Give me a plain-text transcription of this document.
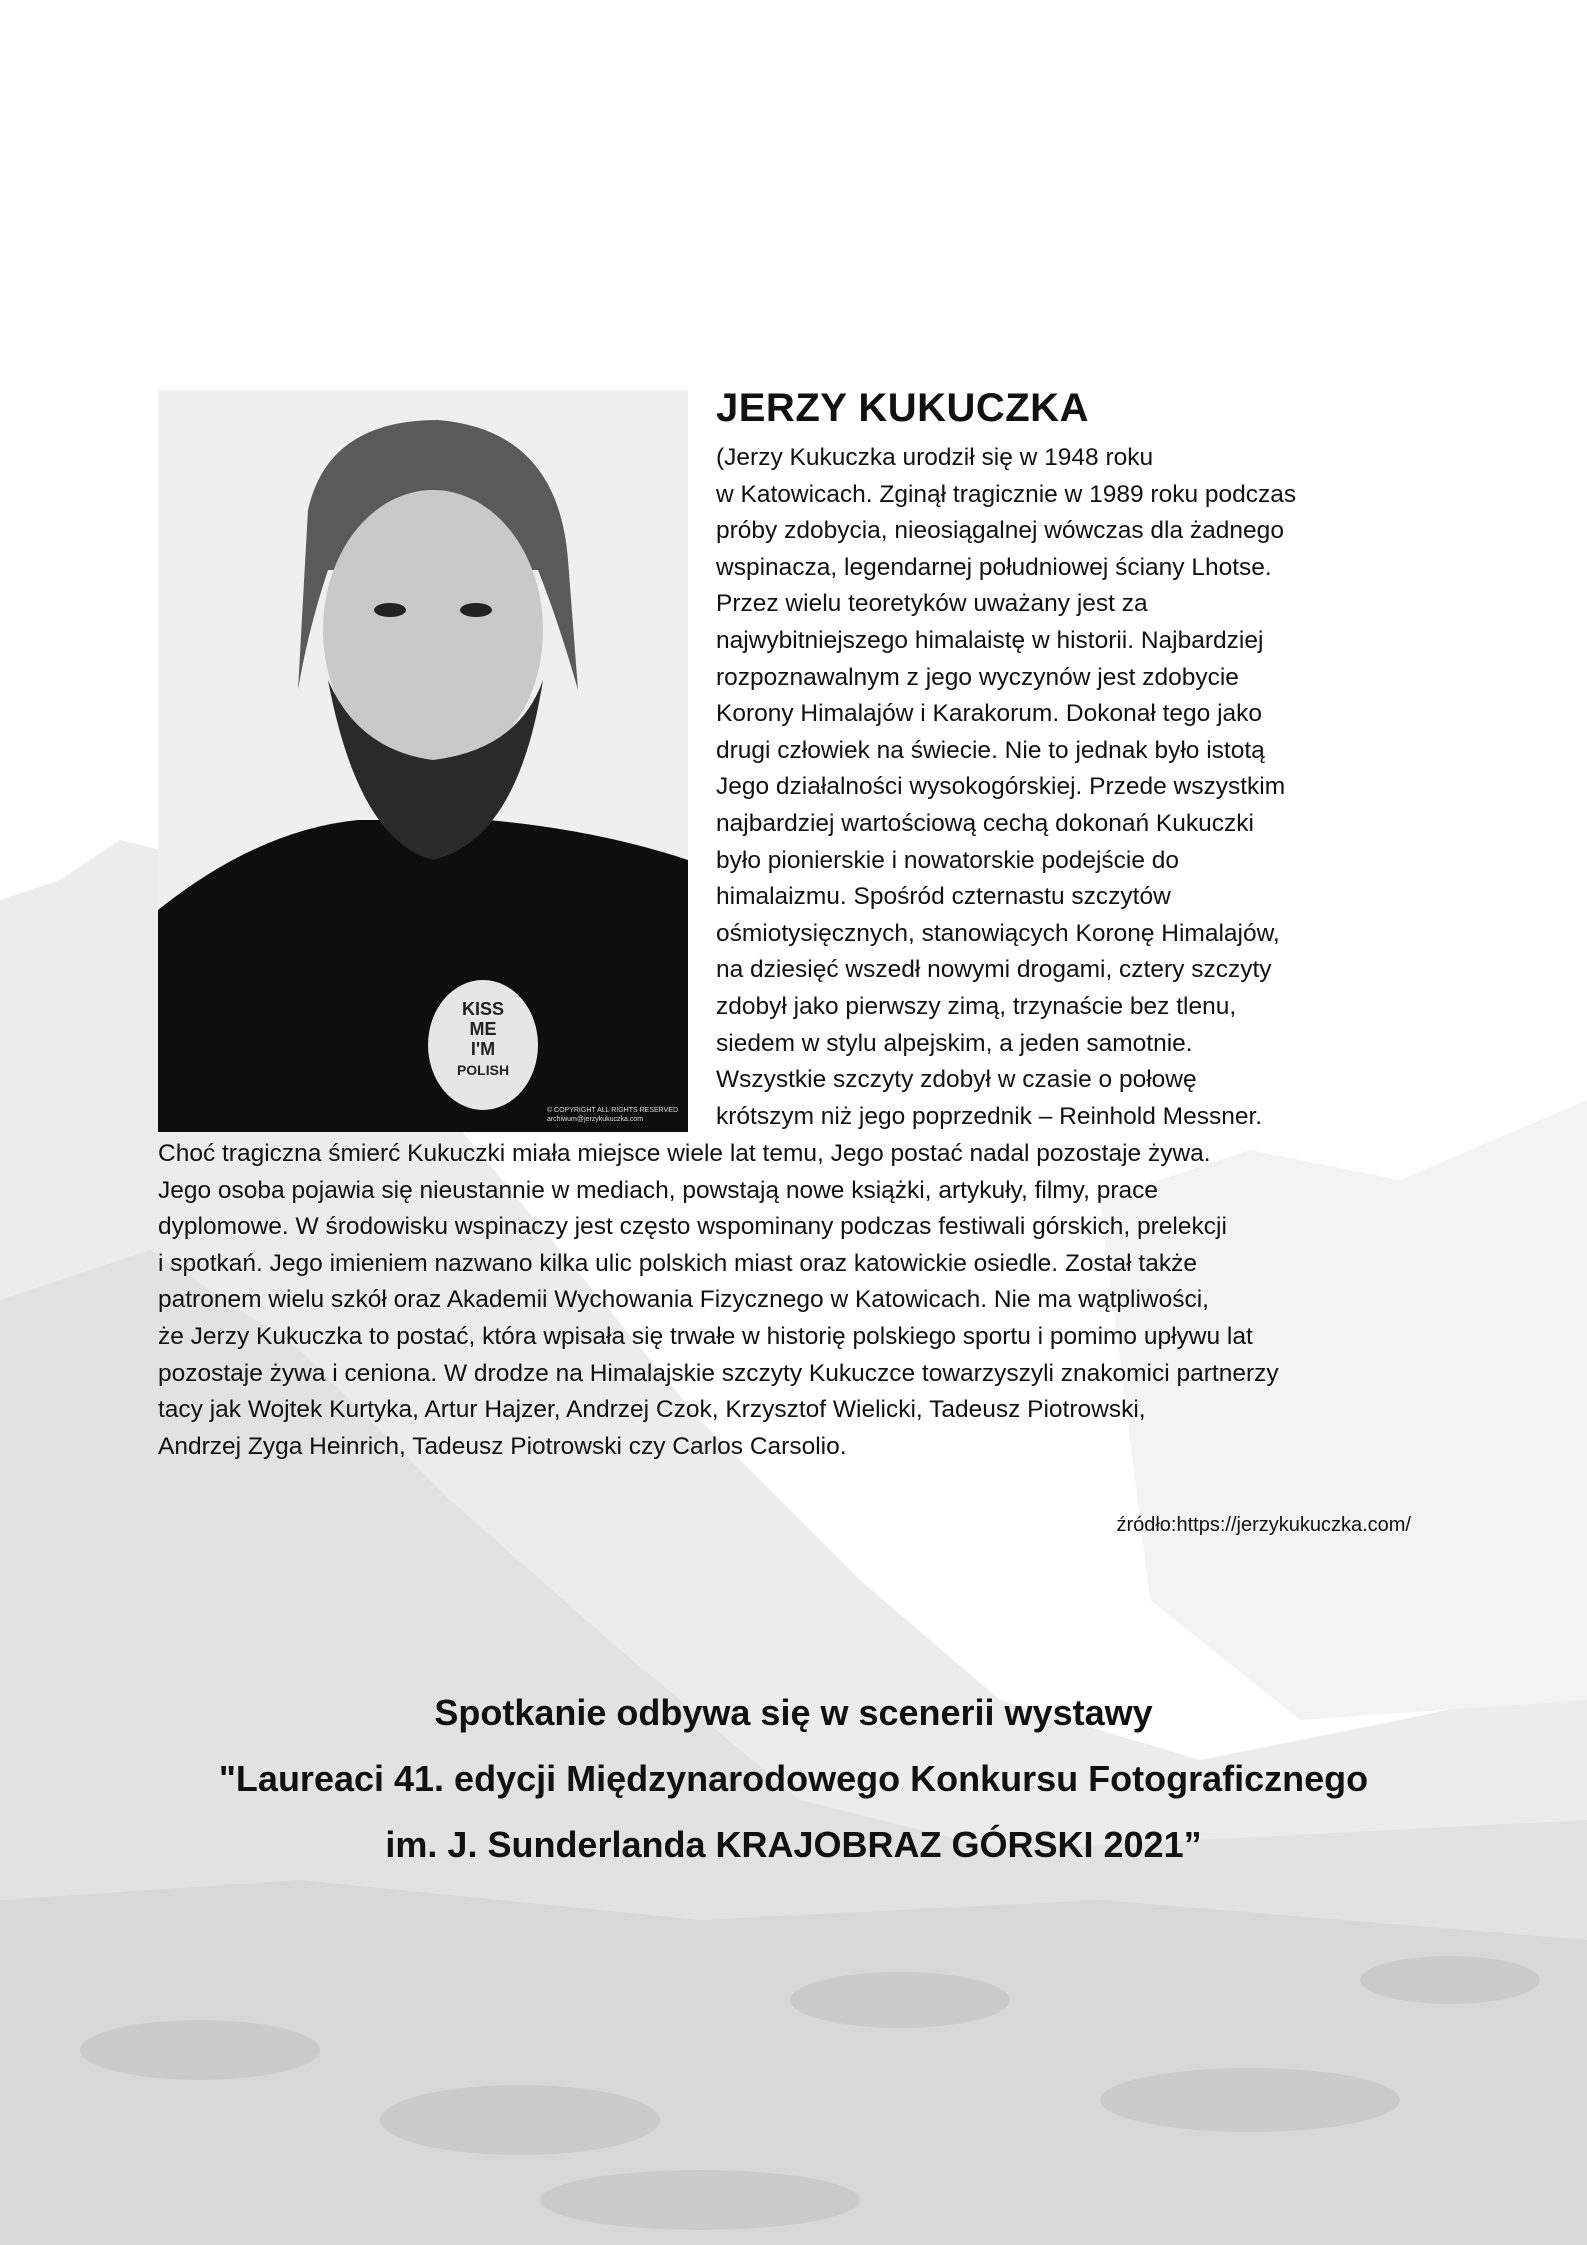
KISS
ME
I'M
POLISH
© COPYRIGHT ALL RIGHTS RESERVED
archiwum@jerzykukuczka.com
JERZY KUKUCZKA
(Jerzy Kukuczka urodził się w 1948 roku
w Katowicach. Zginął tragicznie w 1989 roku podczas
próby zdobycia, nieosiągalnej wówczas dla żadnego
wspinacza, legendarnej południowej ściany Lhotse.
Przez wielu teoretyków uważany jest za
najwybitniejszego himalaistę w historii. Najbardziej
rozpoznawalnym z jego wyczynów jest zdobycie
Korony Himalajów i Karakorum. Dokonał tego jako
drugi człowiek na świecie. Nie to jednak było istotą
Jego działalności wysokogórskiej. Przede wszystkim
najbardziej wartościową cechą dokonań Kukuczki
było pionierskie i nowatorskie podejście do
himalaizmu. Spośród czternastu szczytów
ośmiotysięcznych, stanowiących Koronę Himalajów,
na dziesięć wszedł nowymi drogami, cztery szczyty
zdobył jako pierwszy zimą, trzynaście bez tlenu,
siedem w stylu alpejskim, a jeden samotnie.
Wszystkie szczyty zdobył w czasie o połowę
krótszym niż jego poprzednik – Reinhold Messner.
Choć tragiczna śmierć Kukuczki miała miejsce wiele lat temu, Jego postać nadal pozostaje żywa.
Jego osoba pojawia się nieustannie w mediach, powstają nowe książki, artykuły, filmy, prace
dyplomowe. W środowisku wspinaczy jest często wspominany podczas festiwali górskich, prelekcji
i spotkań. Jego imieniem nazwano kilka ulic polskich miast oraz katowickie osiedle. Został także
patronem wielu szkół oraz Akademii Wychowania Fizycznego w Katowicach. Nie ma wątpliwości,
że Jerzy Kukuczka to postać, która wpisała się trwałe w historię polskiego sportu i pomimo upływu lat
pozostaje żywa i ceniona. W drodze na Himalajskie szczyty Kukuczce towarzyszyli znakomici partnerzy
tacy jak Wojtek Kurtyka, Artur Hajzer, Andrzej Czok, Krzysztof Wielicki, Tadeusz Piotrowski,
Andrzej Zyga Heinrich, Tadeusz Piotrowski czy Carlos Carsolio.
źródło:https://jerzykukuczka.com/
Spotkanie odbywa się w scenerii wystawy
"Laureaci 41. edycji Międzynarodowego Konkursu Fotograficznego
im. J. Sunderlanda KRAJOBRAZ GÓRSKI 2021”
